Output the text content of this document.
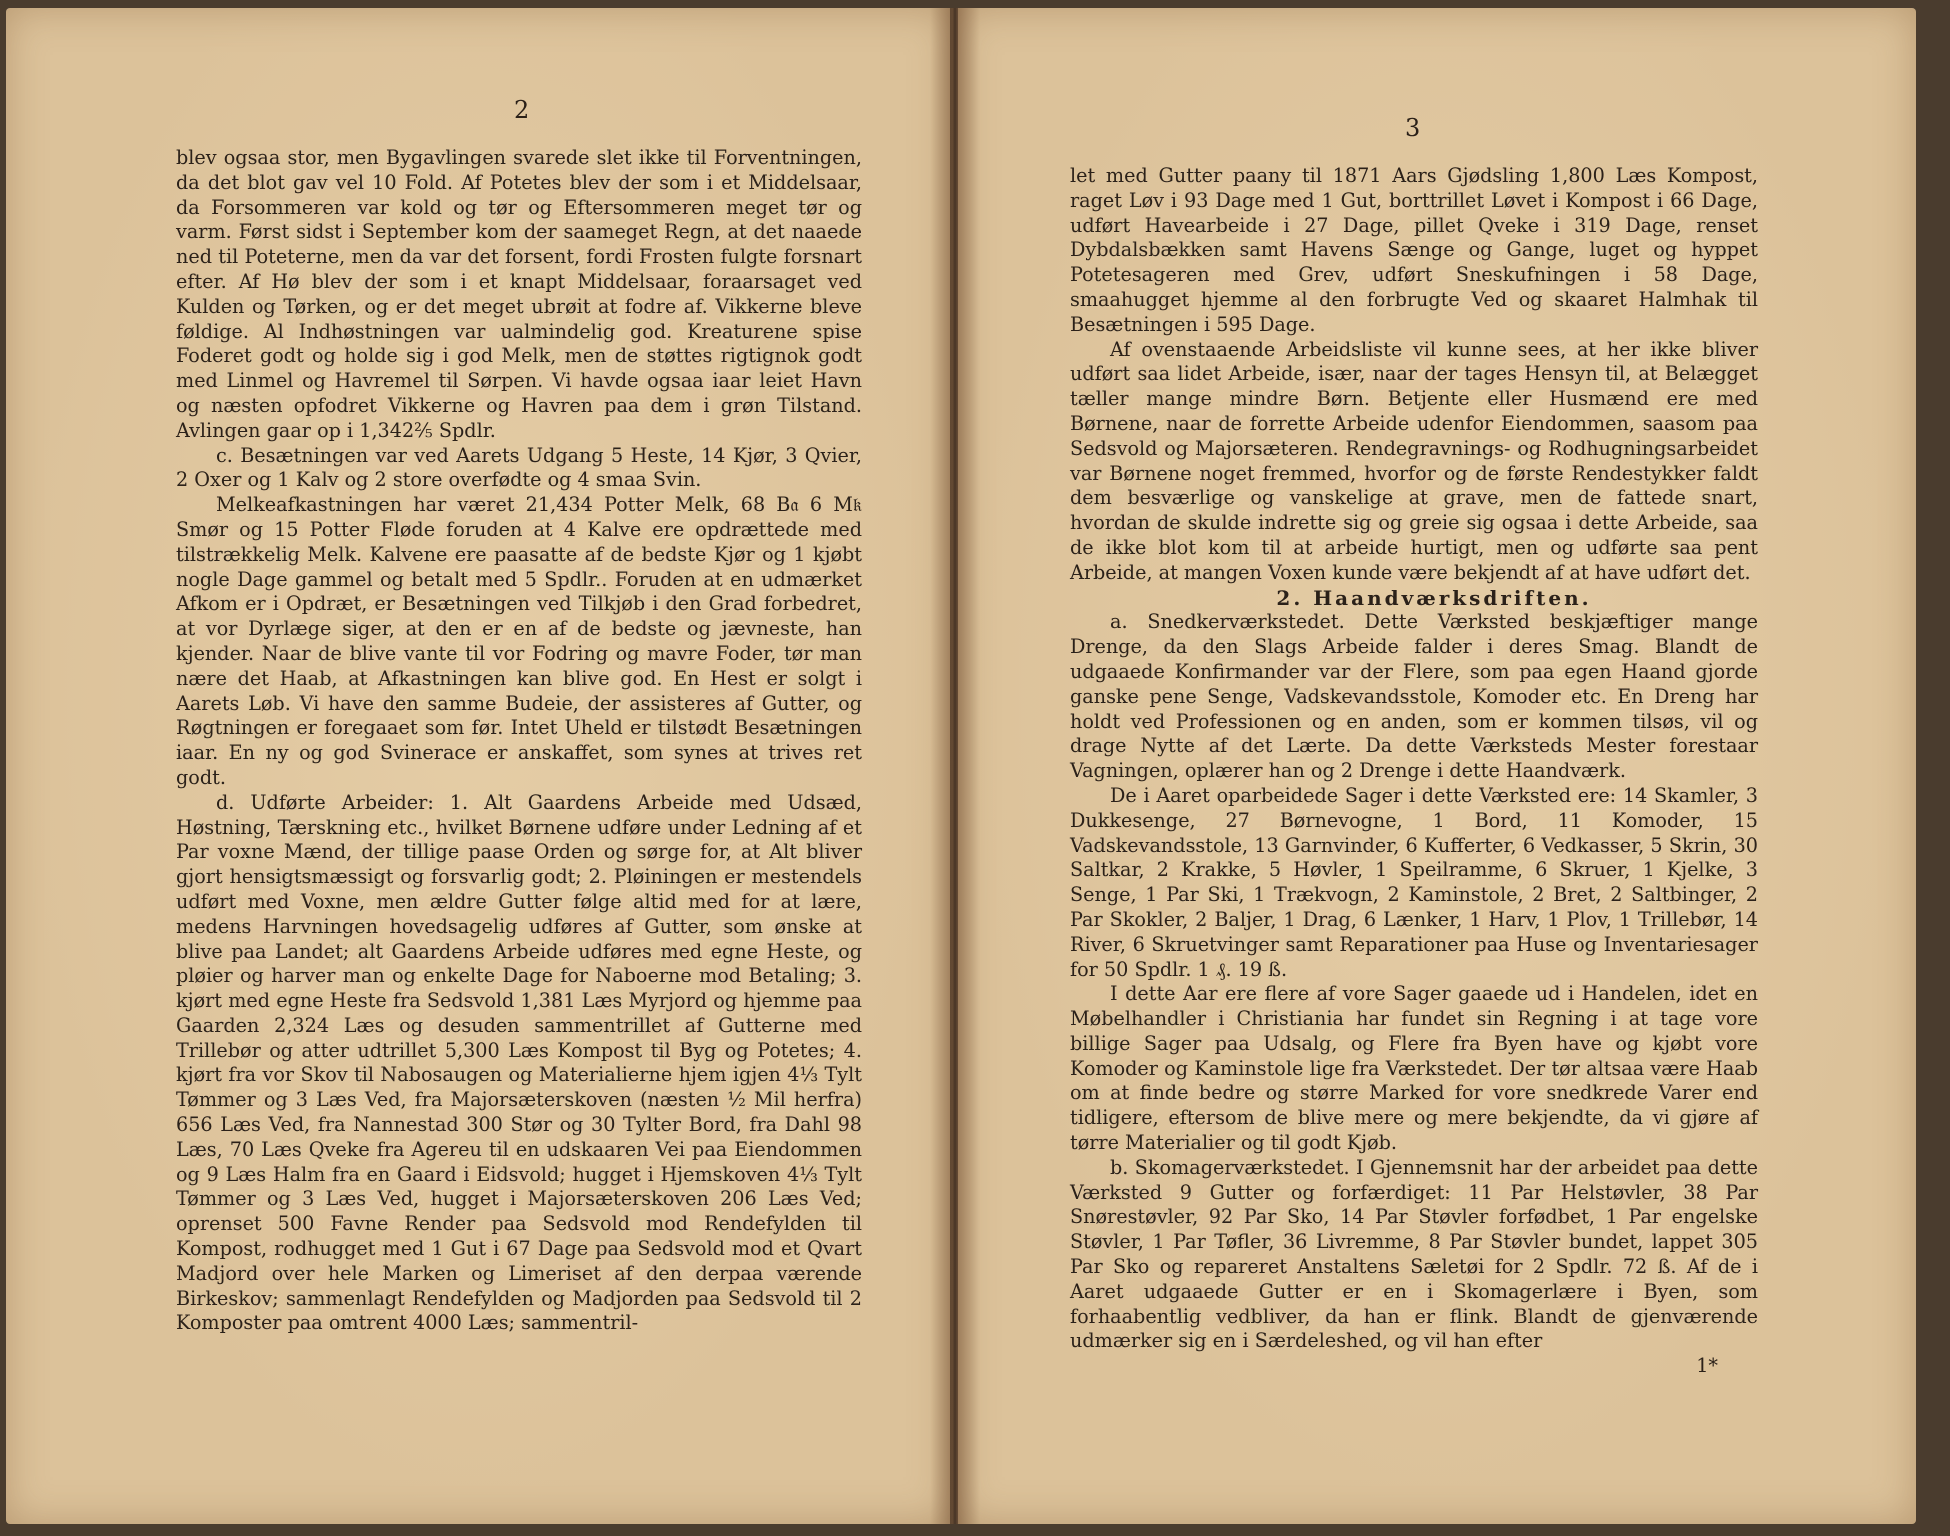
2

blev ogsaa stor, men Bygavlingen svarede slet ikke til Forventningen, da det blot gav vel 10 Fold. Af Potetes blev der som i et Middelsaar, da Forsommeren var kold og tør og Eftersommeren meget tør og varm. Først sidst i September kom der saameget Regn, at det naaede ned til Poteterne, men da var det forsent, fordi Frosten fulgte forsnart efter. Af Hø blev der som i et knapt Middelsaar, foraarsaget ved Kulden og Tørken, og er det meget ubrøit at fodre af. Vikkerne bleve føldige. Al Indhøstningen var ualmindelig god. Kreaturene spise Foderet godt og holde sig i god Melk, men de støttes rigtignok godt med Linmel og Havremel til Sørpen. Vi havde ogsaa iaar leiet Havn og næsten opfodret Vikkerne og Havren paa dem i grøn Tilstand. Avlingen gaar op i 1,342⅖ Spdlr.

c. Besætningen var ved Aarets Udgang 5 Heste, 14 Kjør, 3 Qvier, 2 Oxer og 1 Kalv og 2 store overfødte og 4 smaa Svin.

Melkeafkastningen har været 21,434 Potter Melk, 68 B𝔞 6 M𝔨 Smør og 15 Potter Fløde foruden at 4 Kalve ere opdrættede med tilstrækkelig Melk. Kalvene ere paasatte af de bedste Kjør og 1 kjøbt nogle Dage gammel og betalt med 5 Spdlr.. Foruden at en udmærket Afkom er i Opdræt, er Besætningen ved Tilkjøb i den Grad forbedret, at vor Dyrlæge siger, at den er en af de bedste og jævneste, han kjender. Naar de blive vante til vor Fodring og mavre Foder, tør man nære det Haab, at Afkastningen kan blive god. En Hest er solgt i Aarets Løb. Vi have den samme Budeie, der assisteres af Gutter, og Røgtningen er foregaaet som før. Intet Uheld er tilstødt Besætningen iaar. En ny og god Svinerace er anskaffet, som synes at trives ret godt.

d. Udførte Arbeider: 1. Alt Gaardens Arbeide med Udsæd, Høstning, Tærskning etc., hvilket Børnene udføre under Ledning af et Par voxne Mænd, der tillige paase Orden og sørge for, at Alt bliver gjort hensigtsmæssigt og forsvarlig godt; 2. Pløiningen er mestendels udført med Voxne, men ældre Gutter følge altid med for at lære, medens Harvningen hovedsagelig udføres af Gutter, som ønske at blive paa Landet; alt Gaardens Arbeide udføres med egne Heste, og pløier og harver man og enkelte Dage for Naboerne mod Betaling; 3. kjørt med egne Heste fra Sedsvold 1,381 Læs Myrjord og hjemme paa Gaarden 2,324 Læs og desuden sammentrillet af Gutterne med Trillebør og atter udtrillet 5,300 Læs Kompost til Byg og Potetes; 4. kjørt fra vor Skov til Nabosaugen og Materialierne hjem igjen 4⅓ Tylt Tømmer og 3 Læs Ved, fra Majorsæterskoven (næsten ½ Mil herfra) 656 Læs Ved, fra Nannestad 300 Stør og 30 Tylter Bord, fra Dahl 98 Læs, 70 Læs Qveke fra Agereu til en udskaaren Vei paa Eiendommen og 9 Læs Halm fra en Gaard i Eidsvold; hugget i Hjemskoven 4⅓ Tylt Tømmer og 3 Læs Ved, hugget i Majorsæterskoven 206 Læs Ved; oprenset 500 Favne Render paa Sedsvold mod Rendefylden til Kompost, rodhugget med 1 Gut i 67 Dage paa Sedsvold mod et Qvart Madjord over hele Marken og Limeriset af den derpaa værende Birkeskov; sammenlagt Rendefylden og Madjorden paa Sedsvold til 2 Komposter paa omtrent 4000 Læs; sammentril-

3

let med Gutter paany til 1871 Aars Gjødsling 1,800 Læs Kompost, raget Løv i 93 Dage med 1 Gut, borttrillet Løvet i Kompost i 66 Dage, udført Havearbeide i 27 Dage, pillet Qveke i 319 Dage, renset Dybdalsbækken samt Havens Sænge og Gange, luget og hyppet Potetesageren med Grev, udført Sneskufningen i 58 Dage, smaahugget hjemme al den forbrugte Ved og skaaret Halmhak til Besætningen i 595 Dage.

Af ovenstaaende Arbeidsliste vil kunne sees, at her ikke bliver udført saa lidet Arbeide, især, naar der tages Hensyn til, at Belægget tæller mange mindre Børn. Betjente eller Husmænd ere med Børnene, naar de forrette Arbeide udenfor Eiendommen, saasom paa Sedsvold og Majorsæteren. Rendegravnings- og Rodhugningsarbeidet var Børnene noget fremmed, hvorfor og de første Rendestykker faldt dem besværlige og vanskelige at grave, men de fattede snart, hvordan de skulde indrette sig og greie sig ogsaa i dette Arbeide, saa de ikke blot kom til at arbeide hurtigt, men og udførte saa pent Arbeide, at mangen Voxen kunde være bekjendt af at have udført det.

2. Haandværksdriften.

a. Snedkerværkstedet. Dette Værksted beskjæftiger mange Drenge, da den Slags Arbeide falder i deres Smag. Blandt de udgaaede Konfirmander var der Flere, som paa egen Haand gjorde ganske pene Senge, Vadskevandsstole, Komoder etc. En Dreng har holdt ved Professionen og en anden, som er kommen tilsøs, vil og drage Nytte af det Lærte. Da dette Værksteds Mester forestaar Vagningen, oplærer han og 2 Drenge i dette Haandværk.

De i Aaret oparbeidede Sager i dette Værksted ere: 14 Skamler, 3 Dukkesenge, 27 Børnevogne, 1 Bord, 11 Komoder, 15 Vadskevandsstole, 13 Garnvinder, 6 Kufferter, 6 Vedkasser, 5 Skrin, 30 Saltkar, 2 Krakke, 5 Høvler, 1 Speilramme, 6 Skruer, 1 Kjelke, 3 Senge, 1 Par Ski, 1 Trækvogn, 2 Kaminstole, 2 Bret, 2 Saltbinger, 2 Par Skokler, 2 Baljer, 1 Drag, 6 Lænker, 1 Harv, 1 Plov, 1 Trillebør, 14 River, 6 Skruetvinger samt Reparationer paa Huse og Inventariesager for 50 Spdlr. 1 ₰. 19 ß.

I dette Aar ere flere af vore Sager gaaede ud i Handelen, idet en Møbelhandler i Christiania har fundet sin Regning i at tage vore billige Sager paa Udsalg, og Flere fra Byen have og kjøbt vore Komoder og Kaminstole lige fra Værkstedet. Der tør altsaa være Haab om at finde bedre og større Marked for vore snedkrede Varer end tidligere, eftersom de blive mere og mere bekjendte, da vi gjøre af tørre Materialier og til godt Kjøb.

b. Skomagerværkstedet. I Gjennemsnit har der arbeidet paa dette Værksted 9 Gutter og forfærdiget: 11 Par Helstøvler, 38 Par Snørestøvler, 92 Par Sko, 14 Par Støvler forfødbet, 1 Par engelske Støvler, 1 Par Tøfler, 36 Livremme, 8 Par Støvler bundet, lappet 305 Par Sko og repareret Anstaltens Sæletøi for 2 Spdlr. 72 ß. Af de i Aaret udgaaede Gutter er en i Skomagerlære i Byen, som forhaabentlig vedbliver, da han er flink. Blandt de gjenværende udmærker sig en i Særdeleshed, og vil han efter

1*
